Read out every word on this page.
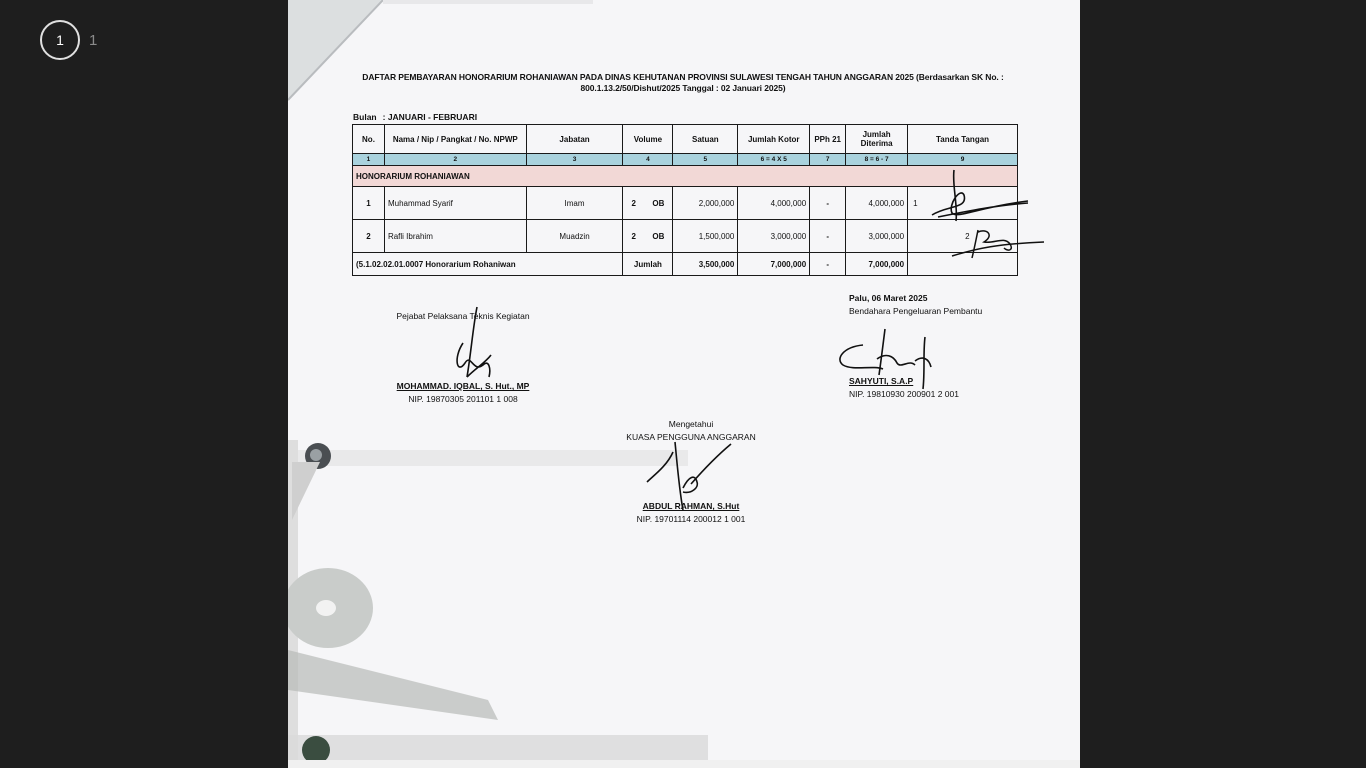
1	1
DAFTAR PEMBAYARAN HONORARIUM ROHANIAWAN PADA DINAS KEHUTANAN PROVINSI SULAWESI TENGAH TAHUN ANGGARAN 2025 (Berdasarkan SK No. : 800.1.13.2/50/Dishut/2025 Tanggal : 02 Januari 2025)
Bulan : JANUARI - FEBRUARI
No.	Nama / Nip / Pangkat / No. NPWP	Jabatan	Volume	Satuan	Jumlah Kotor	PPh 21	Jumlah Diterima	Tanda Tangan
1	2	3	4	5	6 = 4 X 5	7	8 = 6 - 7	9
HONORARIUM ROHANIAWAN								
1	Muhammad Syarif	Imam	2 OB	2,000,000	4,000,000	-	4,000,000	1
2	Rafli Ibrahim	Muadzin	2 OB	1,500,000	3,000,000	-	3,000,000	2
(5.1.02.02.01.0007 Honorarium Rohaniwan			Jumlah	3,500,000	7,000,000	-	7,000,000	
Pejabat Pelaksana Teknis Kegiatan
MOHAMMAD. IQBAL, S. Hut., MP
NIP. 19870305 201101 1 008
Palu, 06 Maret 2025
Bendahara Pengeluaran Pembantu
SAHYUTI, S.A.P
NIP. 19810930 200901 2 001
Mengetahui
KUASA PENGGUNA ANGGARAN
ABDUL RAHMAN, S.Hut
NIP. 19701114 200012 1 001
